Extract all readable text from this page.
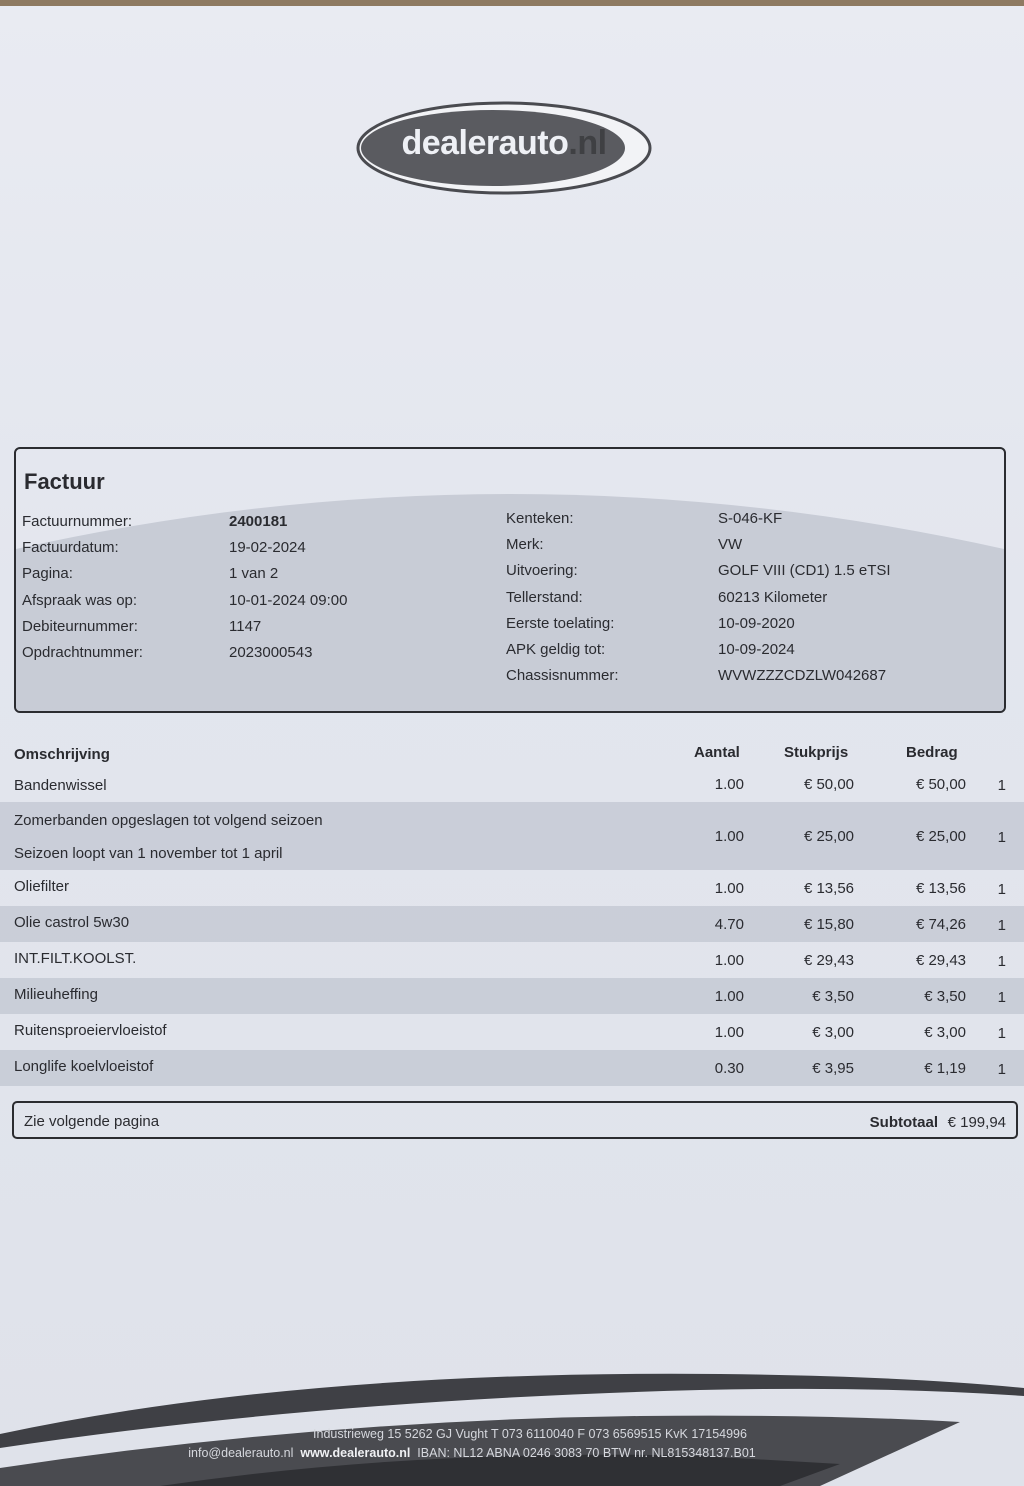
dealerauto.nl
Factuur
Factuurnummer:	2400181
Factuurdatum:	19-02-2024
Pagina:	1 van 2
Afspraak was op:	10-01-2024 09:00
Debiteurnummer:	1147
Opdrachtnummer:	2023000543
Kenteken:	S-046-KF
Merk:	VW
Uitvoering:	GOLF VIII (CD1) 1.5 eTSI
Tellerstand:	60213 Kilometer
Eerste toelating:	10-09-2020
APK geldig tot:	10-09-2024
Chassisnummer:	WVWZZZCDZLW042687
Omschrijving	Aantal	Stukprijs	Bedrag
Bandenwissel	1.00	€ 50,00	€ 50,00 1
Zomerbanden opgeslagen tot volgend seizoen
Seizoen loopt van 1 november tot 1 april
1.00	€ 25,00	€ 25,00 1
Oliefilter	1.00	€ 13,56	€ 13,56 1
Olie castrol 5w30	4.70	€ 15,80	€ 74,26 1
INT.FILT.KOOLST.	1.00	€ 29,43	€ 29,43 1
Milieuheffing	1.00	€ 3,50	€ 3,50 1
Ruitensproeiervloeistof	1.00	€ 3,00	€ 3,00 1
Longlife koelvloeistof	0.30	€ 3,95	€ 1,19 1
Zie volgende pagina	Subtotaal € 199,94
Industrieweg 15 5262 GJ Vught T 073 6110040 F 073 6569515 KvK 17154996
info@dealerauto.nl www.dealerauto.nl IBAN: NL12 ABNA 0246 3083 70 BTW nr. NL815348137.B01
